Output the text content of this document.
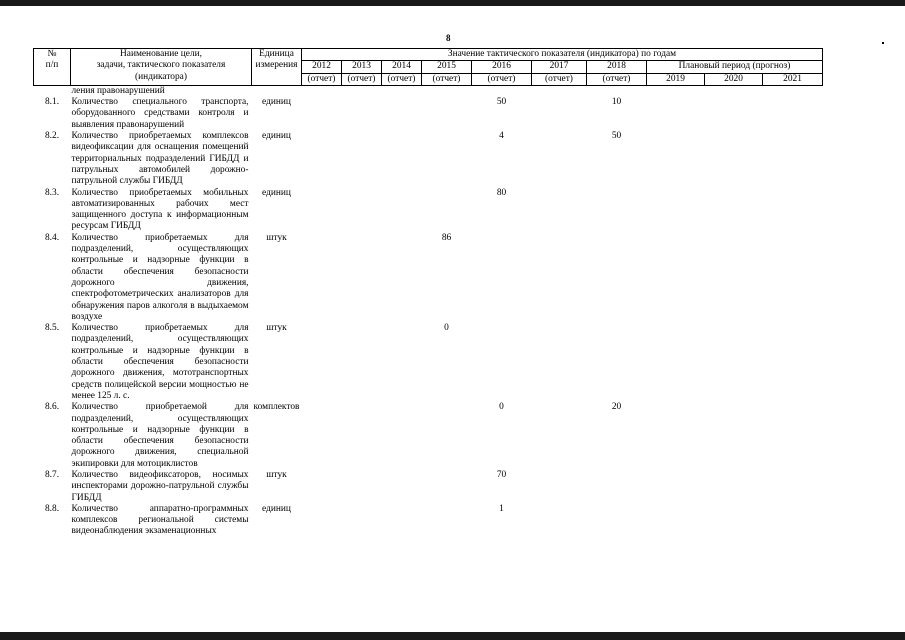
8
№
п/п	Наименование цели,
задачи, тактического показателя
(индикатора)	Единица
измерения	Значение тактического показателя (индикатора) по годам									
			2012	2013	2014	2015	2016	2017	2018	Плановый период (прогноз)		
			(отчет)	(отчет)	(отчет)	(отчет)	(отчет)	(отчет)	(отчет)	2019	2020	2021
	ления правонарушений											
8.1.	Количество специального транспорта, оборудованного средствами контроля и выявления правонарушений	единиц					50		10			
8.2.	Количество приобретаемых комплексов видеофиксации для оснащения помещений территориальных подразделений ГИБДД и патрульных автомобилей дорожно-патрульной службы ГИБДД	единиц					4		50			
8.3.	Количество приобретаемых мобильных автоматизированных рабочих мест защищенного доступа к информационным ресурсам ГИБДД	единиц					80					
8.4.	Количество приобретаемых для подразделений, осуществляющих контрольные и надзорные функции в области обеспечения безопасности дорожного движения, спектрофотометрических анализаторов для обнаружения паров алкоголя в выдыхаемом воздухе	штук				86						
8.5.	Количество приобретаемых для подразделений, осуществляющих контрольные и надзорные функции в области обеспечения безопасности дорожного движения, мототранспортных средств полицейской версии мощностью не менее 125 л. с.	штук				0						
8.6.	Количество приобретаемой для подразделений, осуществляющих контрольные и надзорные функции в области обеспечения безопасности дорожного движения, специальной экипировки для мотоциклистов	комплектов					0		20			
8.7.	Количество видеофиксаторов, носимых инспекторами дорожно-патрульной службы ГИБДД	штук					70					
8.8.	Количество аппаратно-программных комплексов региональной системы видеонаблюдения экзаменационных	единиц					1					
